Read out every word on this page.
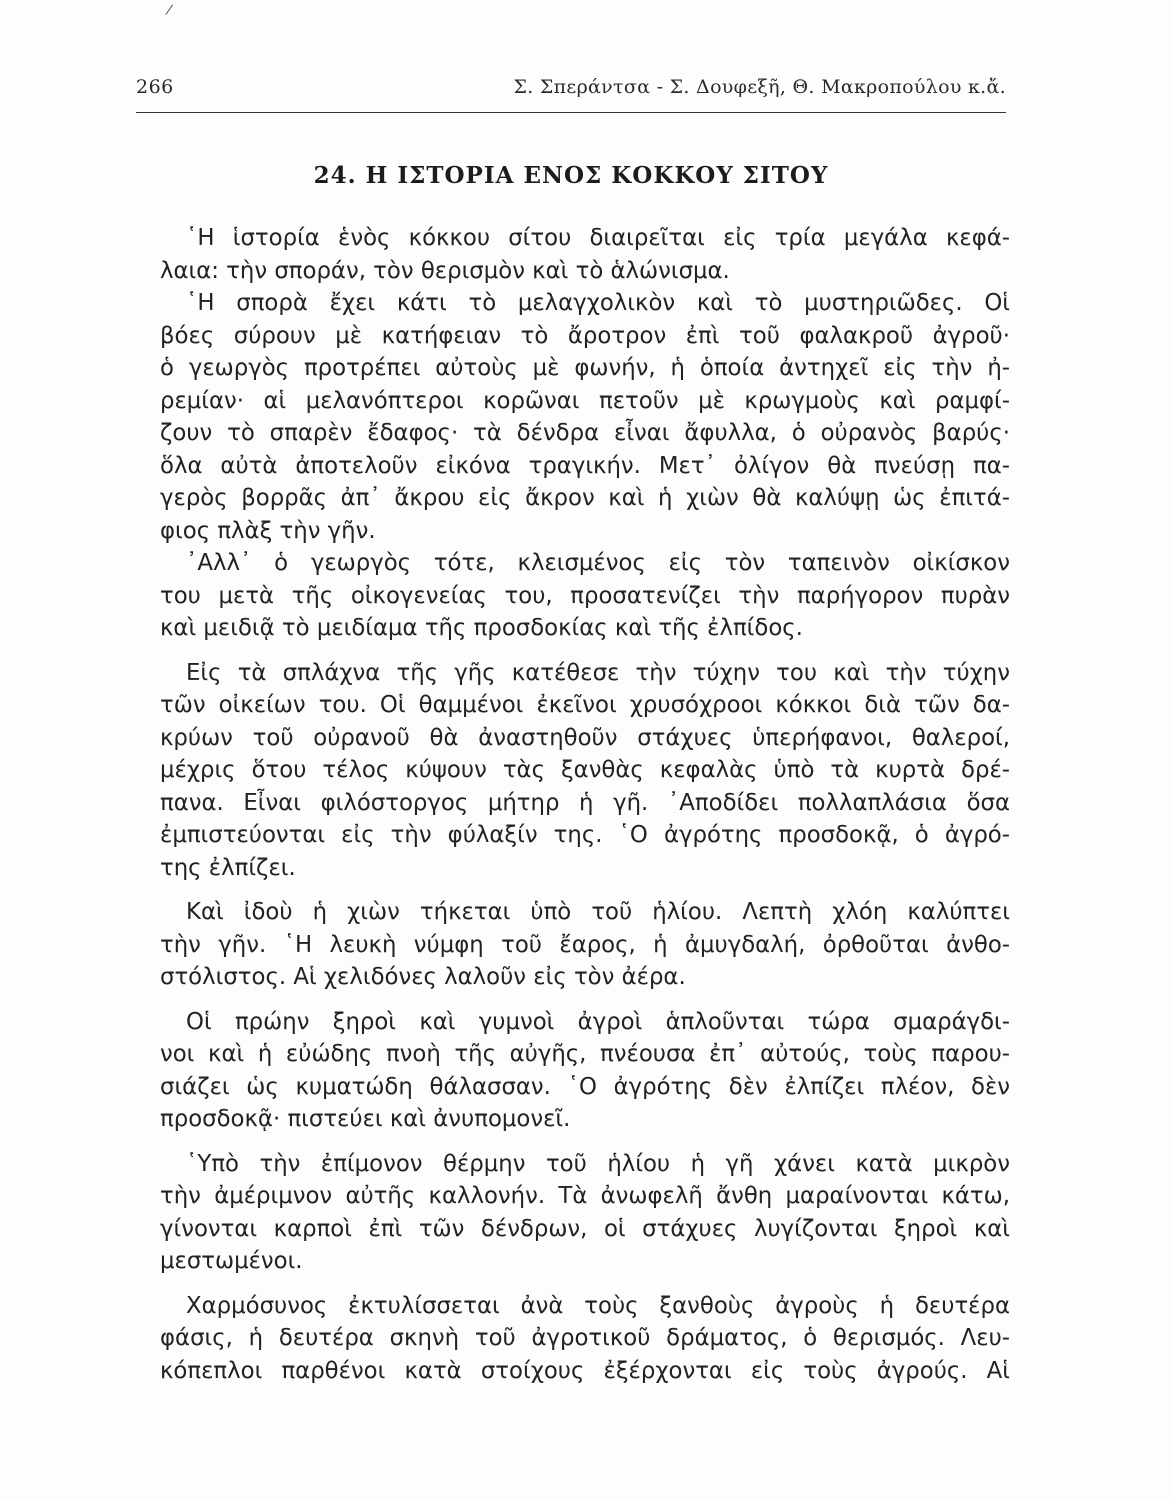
266	Σ. Σπεράντσα - Σ. Δουφεξῆ, Θ. Μακροπούλου κ.ἄ.
24. Η ΙΣΤΟΡΙΑ ΕΝΟΣ ΚΟΚΚΟΥ ΣΙΤΟΥ
῾Η ἱστορία ἑνὸς κόκκου σίτου διαιρεῖται εἰς τρία μεγάλα κεφά-
λαια: τὴν σποράν, τὸν θερισμὸν καὶ τὸ ἁλώνισμα.
῾Η σπορὰ ἔχει κάτι τὸ μελαγχολικὸν καὶ τὸ μυστηριῶδες. Οἱ
βόες σύρουν μὲ κατήφειαν τὸ ἄροτρον ἐπὶ τοῦ φαλακροῦ ἀγροῦ·
ὁ γεωργὸς προτρέπει αὐτοὺς μὲ φωνήν, ἡ ὁποία ἀντηχεῖ εἰς τὴν ἠ-
ρεμίαν· αἱ μελανόπτεροι κορῶναι πετοῦν μὲ κρωγμοὺς καὶ ραμφί-
ζουν τὸ σπαρὲν ἔδαφος· τὰ δένδρα εἶναι ἄφυλλα, ὁ οὐρανὸς βαρύς·
ὅλα αὐτὰ ἀποτελοῦν εἰκόνα τραγικήν. Μετ᾽ ὀλίγον θὰ πνεύσῃ πα-
γερὸς βορρᾶς ἀπ᾽ ἄκρου εἰς ἄκρον καὶ ἡ χιὼν θὰ καλύψῃ ὡς ἐπιτά-
φιος πλὰξ τὴν γῆν.
᾽Αλλ᾽ ὁ γεωργὸς τότε, κλεισμένος εἰς τὸν ταπεινὸν οἰκίσκον
του μετὰ τῆς οἰκογενείας του, προσατενίζει τὴν παρήγορον πυρὰν
καὶ μειδιᾷ τὸ μειδίαμα τῆς προσδοκίας καὶ τῆς ἐλπίδος.
Εἰς τὰ σπλάχνα τῆς γῆς κατέθεσε τὴν τύχην του καὶ τὴν τύχην
τῶν οἰκείων του. Οἱ θαμμένοι ἐκεῖνοι χρυσόχροοι κόκκοι διὰ τῶν δα-
κρύων τοῦ οὐρανοῦ θὰ ἀναστηθοῦν στάχυες ὑπερήφανοι, θαλεροί,
μέχρις ὅτου τέλος κύψουν τὰς ξανθὰς κεφαλὰς ὑπὸ τὰ κυρτὰ δρέ-
πανα. Εἶναι φιλόστοργος μήτηρ ἡ γῆ. ᾽Αποδίδει πολλαπλάσια ὅσα
ἐμπιστεύονται εἰς τὴν φύλαξίν της. ῾Ο ἀγρότης προσδοκᾷ, ὁ ἀγρό-
της ἐλπίζει.
Καὶ ἰδοὺ ἡ χιὼν τήκεται ὑπὸ τοῦ ἡλίου. Λεπτὴ χλόη καλύπτει
τὴν γῆν. ῾Η λευκὴ νύμφη τοῦ ἔαρος, ἡ ἀμυγδαλή, ὀρθοῦται ἀνθο-
στόλιστος. Αἱ χελιδόνες λαλοῦν εἰς τὸν ἀέρα.
Οἱ πρώην ξηροὶ καὶ γυμνοὶ ἀγροὶ ἁπλοῦνται τώρα σμαράγδι-
νοι καὶ ἡ εὐώδης πνοὴ τῆς αὐγῆς, πνέουσα ἐπ᾽ αὐτούς, τοὺς παρου-
σιάζει ὡς κυματώδη θάλασσαν. ῾Ο ἀγρότης δὲν ἐλπίζει πλέον, δὲν
προσδοκᾷ· πιστεύει καὶ ἀνυπομονεῖ.
῾Υπὸ τὴν ἐπίμονον θέρμην τοῦ ἡλίου ἡ γῆ χάνει κατὰ μικρὸν
τὴν ἀμέριμνον αὐτῆς καλλονήν. Τὰ ἀνωφελῆ ἄνθη μαραίνονται κάτω,
γίνονται καρποὶ ἐπὶ τῶν δένδρων, οἱ στάχυες λυγίζονται ξηροὶ καὶ
μεστωμένοι.
Χαρμόσυνος ἐκτυλίσσεται ἀνὰ τοὺς ξανθοὺς ἀγροὺς ἡ δευτέρα
φάσις, ἡ δευτέρα σκηνὴ τοῦ ἀγροτικοῦ δράματος, ὁ θερισμός. Λευ-
κόπεπλοι παρθένοι κατὰ στοίχους ἐξέρχονται εἰς τοὺς ἀγρούς. Αἱ
